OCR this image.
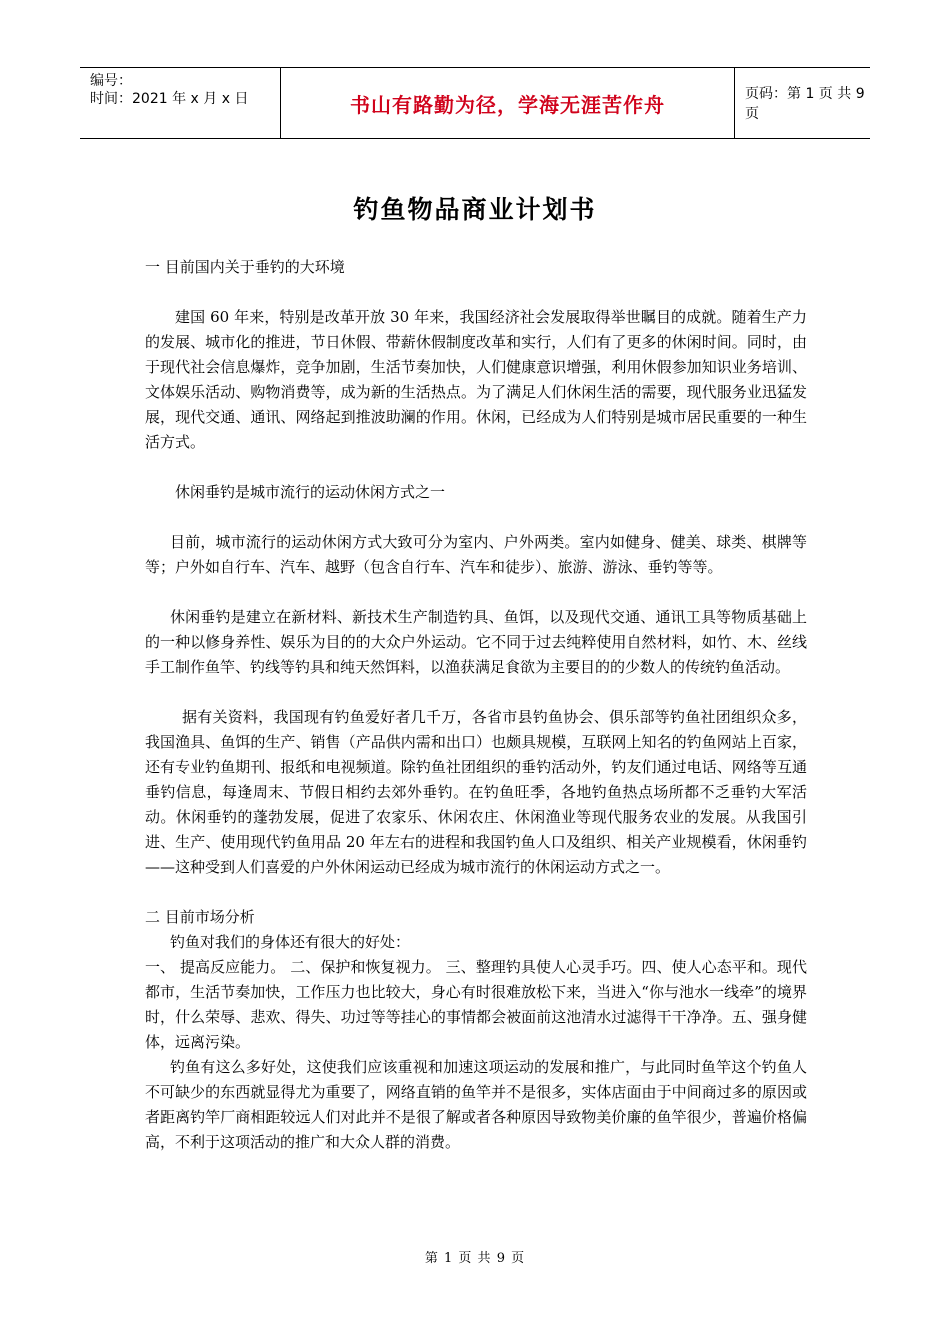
编号：
时间：2021 年 x 月 x 日	书山有路勤为径，学海无涯苦作舟	页码：第 1 页 共 9 页
钓鱼物品商业计划书

一 目前国内关于垂钓的大环境

建国 60 年来，特别是改革开放 30 年来，我国经济社会发展取得举世瞩目的成就。随着生产力的发展、城市化的推进，节日休假、带薪休假制度改革和实行，人们有了更多的休闲时间。同时，由于现代社会信息爆炸，竞争加剧，生活节奏加快，人们健康意识增强，利用休假参加知识业务培训、文体娱乐活动、购物消费等，成为新的生活热点。为了满足人们休闲生活的需要，现代服务业迅猛发展，现代交通、通讯、网络起到推波助澜的作用。休闲，已经成为人们特别是城市居民重要的一种生活方式。

休闲垂钓是城市流行的运动休闲方式之一

目前，城市流行的运动休闲方式大致可分为室内、户外两类。室内如健身、健美、球类、棋牌等等；户外如自行车、汽车、越野（包含自行车、汽车和徒步）、旅游、游泳、垂钓等等。

休闲垂钓是建立在新材料、新技术生产制造钓具、鱼饵，以及现代交通、通讯工具等物质基础上的一种以修身养性、娱乐为目的的大众户外运动。它不同于过去纯粹使用自然材料，如竹、木、丝线手工制作鱼竿、钓线等钓具和纯天然饵料，以渔获满足食欲为主要目的的少数人的传统钓鱼活动。

据有关资料，我国现有钓鱼爱好者几千万，各省市县钓鱼协会、俱乐部等钓鱼社团组织众多，我国渔具、鱼饵的生产、销售（产品供内需和出口）也颇具规模，互联网上知名的钓鱼网站上百家，还有专业钓鱼期刊、报纸和电视频道。除钓鱼社团组织的垂钓活动外，钓友们通过电话、网络等互通垂钓信息，每逢周末、节假日相约去郊外垂钓。在钓鱼旺季，各地钓鱼热点场所都不乏垂钓大军活动。休闲垂钓的蓬勃发展，促进了农家乐、休闲农庄、休闲渔业等现代服务农业的发展。从我国引进、生产、使用现代钓鱼用品 20 年左右的进程和我国钓鱼人口及组织、相关产业规模看，休闲垂钓——这种受到人们喜爱的户外休闲运动已经成为城市流行的休闲运动方式之一。

二 目前市场分析

钓鱼对我们的身体还有很大的好处：

一、 提高反应能力。 二、保护和恢复视力。 三、整理钓具使人心灵手巧。四、使人心态平和。现代都市，生活节奏加快，工作压力也比较大，身心有时很难放松下来，当进入“你与池水一线牵”的境界时，什么荣辱、悲欢、得失、功过等等挂心的事情都会被面前这池清水过滤得干干净净。五、强身健体，远离污染。

钓鱼有这么多好处，这使我们应该重视和加速这项运动的发展和推广，与此同时鱼竿这个钓鱼人不可缺少的东西就显得尤为重要了，网络直销的鱼竿并不是很多，实体店面由于中间商过多的原因或者距离钓竿厂商相距较远人们对此并不是很了解或者各种原因导致物美价廉的鱼竿很少，普遍价格偏高，不利于这项活动的推广和大众人群的消费。

第 1 页 共 9 页
